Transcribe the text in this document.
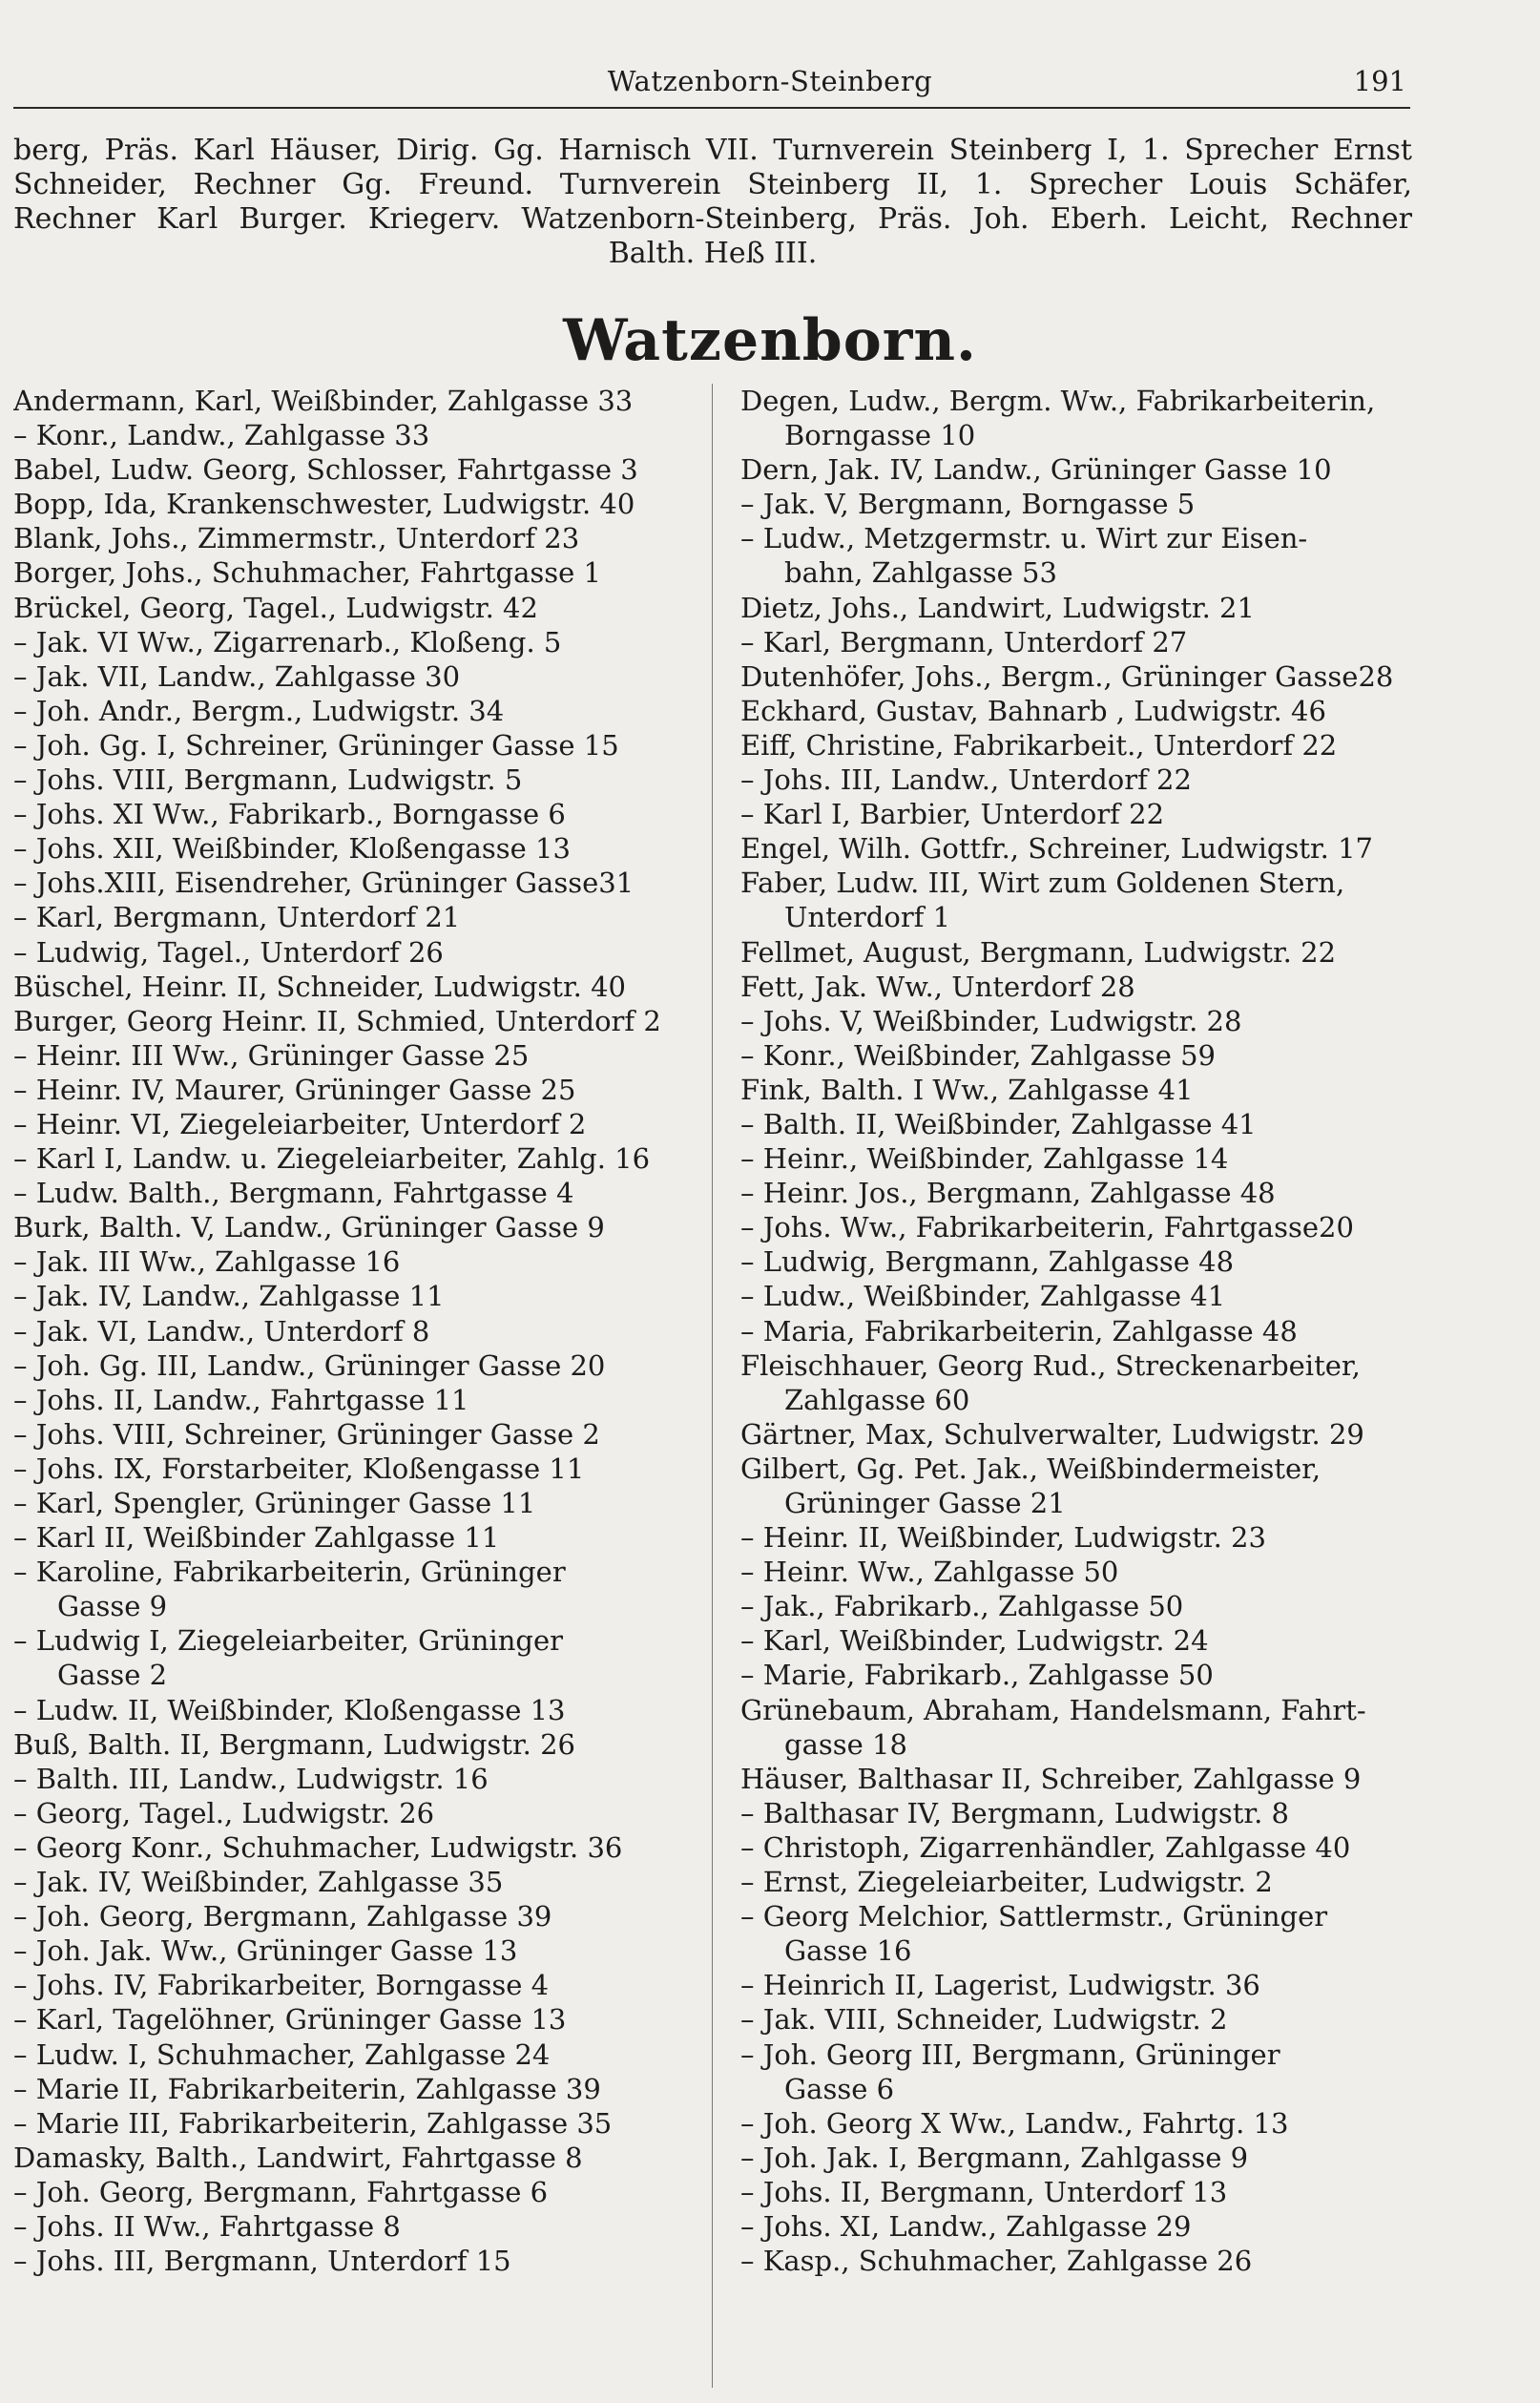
Watzenborn-Steinberg	191
berg, Präs. Karl Häuser, Dirig. Gg. Harnisch VII. Turnverein Steinberg I, 1. Sprecher Ernst
Schneider, Rechner Gg. Freund. Turnverein Steinberg II, 1. Sprecher Louis Schäfer,
Rechner Karl Burger. Kriegerv. Watzenborn-Steinberg, Präs. Joh. Eberh. Leicht, Rechner
Balth. Heß III.
Watzenborn.
Andermann, Karl, Weißbinder, Zahlgasse 33
– Konr., Landw., Zahlgasse 33
Babel, Ludw. Georg, Schlosser, Fahrtgasse 3
Bopp, Ida, Krankenschwester, Ludwigstr. 40
Blank, Johs., Zimmermstr., Unterdorf 23
Borger, Johs., Schuhmacher, Fahrtgasse 1
Brückel, Georg, Tagel., Ludwigstr. 42
– Jak. VI Ww., Zigarrenarb., Kloßeng. 5
– Jak. VII, Landw., Zahlgasse 30
– Joh. Andr., Bergm., Ludwigstr. 34
– Joh. Gg. I, Schreiner, Grüninger Gasse 15
– Johs. VIII, Bergmann, Ludwigstr. 5
– Johs. XI Ww., Fabrikarb., Borngasse 6
– Johs. XII, Weißbinder, Kloßengasse 13
– Johs.XIII, Eisendreher, Grüninger Gasse31
– Karl, Bergmann, Unterdorf 21
– Ludwig, Tagel., Unterdorf 26
Büschel, Heinr. II, Schneider, Ludwigstr. 40
Burger, Georg Heinr. II, Schmied, Unterdorf 2
– Heinr. III Ww., Grüninger Gasse 25
– Heinr. IV, Maurer, Grüninger Gasse 25
– Heinr. VI, Ziegeleiarbeiter, Unterdorf 2
– Karl I, Landw. u. Ziegeleiarbeiter, Zahlg. 16
– Ludw. Balth., Bergmann, Fahrtgasse 4
Burk, Balth. V, Landw., Grüninger Gasse 9
– Jak. III Ww., Zahlgasse 16
– Jak. IV, Landw., Zahlgasse 11
– Jak. VI, Landw., Unterdorf 8
– Joh. Gg. III, Landw., Grüninger Gasse 20
– Johs. II, Landw., Fahrtgasse 11
– Johs. VIII, Schreiner, Grüninger Gasse 2
– Johs. IX, Forstarbeiter, Kloßengasse 11
– Karl, Spengler, Grüninger Gasse 11
– Karl II, Weißbinder Zahlgasse 11
– Karoline, Fabrikarbeiterin, Grüninger
Gasse 9
– Ludwig I, Ziegeleiarbeiter, Grüninger
Gasse 2
– Ludw. II, Weißbinder, Kloßengasse 13
Buß, Balth. II, Bergmann, Ludwigstr. 26
– Balth. III, Landw., Ludwigstr. 16
– Georg, Tagel., Ludwigstr. 26
– Georg Konr., Schuhmacher, Ludwigstr. 36
– Jak. IV, Weißbinder, Zahlgasse 35
– Joh. Georg, Bergmann, Zahlgasse 39
– Joh. Jak. Ww., Grüninger Gasse 13
– Johs. IV, Fabrikarbeiter, Borngasse 4
– Karl, Tagelöhner, Grüninger Gasse 13
– Ludw. I, Schuhmacher, Zahlgasse 24
– Marie II, Fabrikarbeiterin, Zahlgasse 39
– Marie III, Fabrikarbeiterin, Zahlgasse 35
Damasky, Balth., Landwirt, Fahrtgasse 8
– Joh. Georg, Bergmann, Fahrtgasse 6
– Johs. II Ww., Fahrtgasse 8
– Johs. III, Bergmann, Unterdorf 15
Degen, Ludw., Bergm. Ww., Fabrikarbeiterin,
Borngasse 10
Dern, Jak. IV, Landw., Grüninger Gasse 10
– Jak. V, Bergmann, Borngasse 5
– Ludw., Metzgermstr. u. Wirt zur Eisen-
bahn, Zahlgasse 53
Dietz, Johs., Landwirt, Ludwigstr. 21
– Karl, Bergmann, Unterdorf 27
Dutenhöfer, Johs., Bergm., Grüninger Gasse28
Eckhard, Gustav, Bahnarb , Ludwigstr. 46
Eiff, Christine, Fabrikarbeit., Unterdorf 22
– Johs. III, Landw., Unterdorf 22
– Karl I, Barbier, Unterdorf 22
Engel, Wilh. Gottfr., Schreiner, Ludwigstr. 17
Faber, Ludw. III, Wirt zum Goldenen Stern,
Unterdorf 1
Fellmet, August, Bergmann, Ludwigstr. 22
Fett, Jak. Ww., Unterdorf 28
– Johs. V, Weißbinder, Ludwigstr. 28
– Konr., Weißbinder, Zahlgasse 59
Fink, Balth. I Ww., Zahlgasse 41
– Balth. II, Weißbinder, Zahlgasse 41
– Heinr., Weißbinder, Zahlgasse 14
– Heinr. Jos., Bergmann, Zahlgasse 48
– Johs. Ww., Fabrikarbeiterin, Fahrtgasse20
– Ludwig, Bergmann, Zahlgasse 48
– Ludw., Weißbinder, Zahlgasse 41
– Maria, Fabrikarbeiterin, Zahlgasse 48
Fleischhauer, Georg Rud., Streckenarbeiter,
Zahlgasse 60
Gärtner, Max, Schulverwalter, Ludwigstr. 29
Gilbert, Gg. Pet. Jak., Weißbindermeister,
Grüninger Gasse 21
– Heinr. II, Weißbinder, Ludwigstr. 23
– Heinr. Ww., Zahlgasse 50
– Jak., Fabrikarb., Zahlgasse 50
– Karl, Weißbinder, Ludwigstr. 24
– Marie, Fabrikarb., Zahlgasse 50
Grünebaum, Abraham, Handelsmann, Fahrt-
gasse 18
Häuser, Balthasar II, Schreiber, Zahlgasse 9
– Balthasar IV, Bergmann, Ludwigstr. 8
– Christoph, Zigarrenhändler, Zahlgasse 40
– Ernst, Ziegeleiarbeiter, Ludwigstr. 2
– Georg Melchior, Sattlermstr., Grüninger
Gasse 16
– Heinrich II, Lagerist, Ludwigstr. 36
– Jak. VIII, Schneider, Ludwigstr. 2
– Joh. Georg III, Bergmann, Grüninger
Gasse 6
– Joh. Georg X Ww., Landw., Fahrtg. 13
– Joh. Jak. I, Bergmann, Zahlgasse 9
– Johs. II, Bergmann, Unterdorf 13
– Johs. XI, Landw., Zahlgasse 29
– Kasp., Schuhmacher, Zahlgasse 26
